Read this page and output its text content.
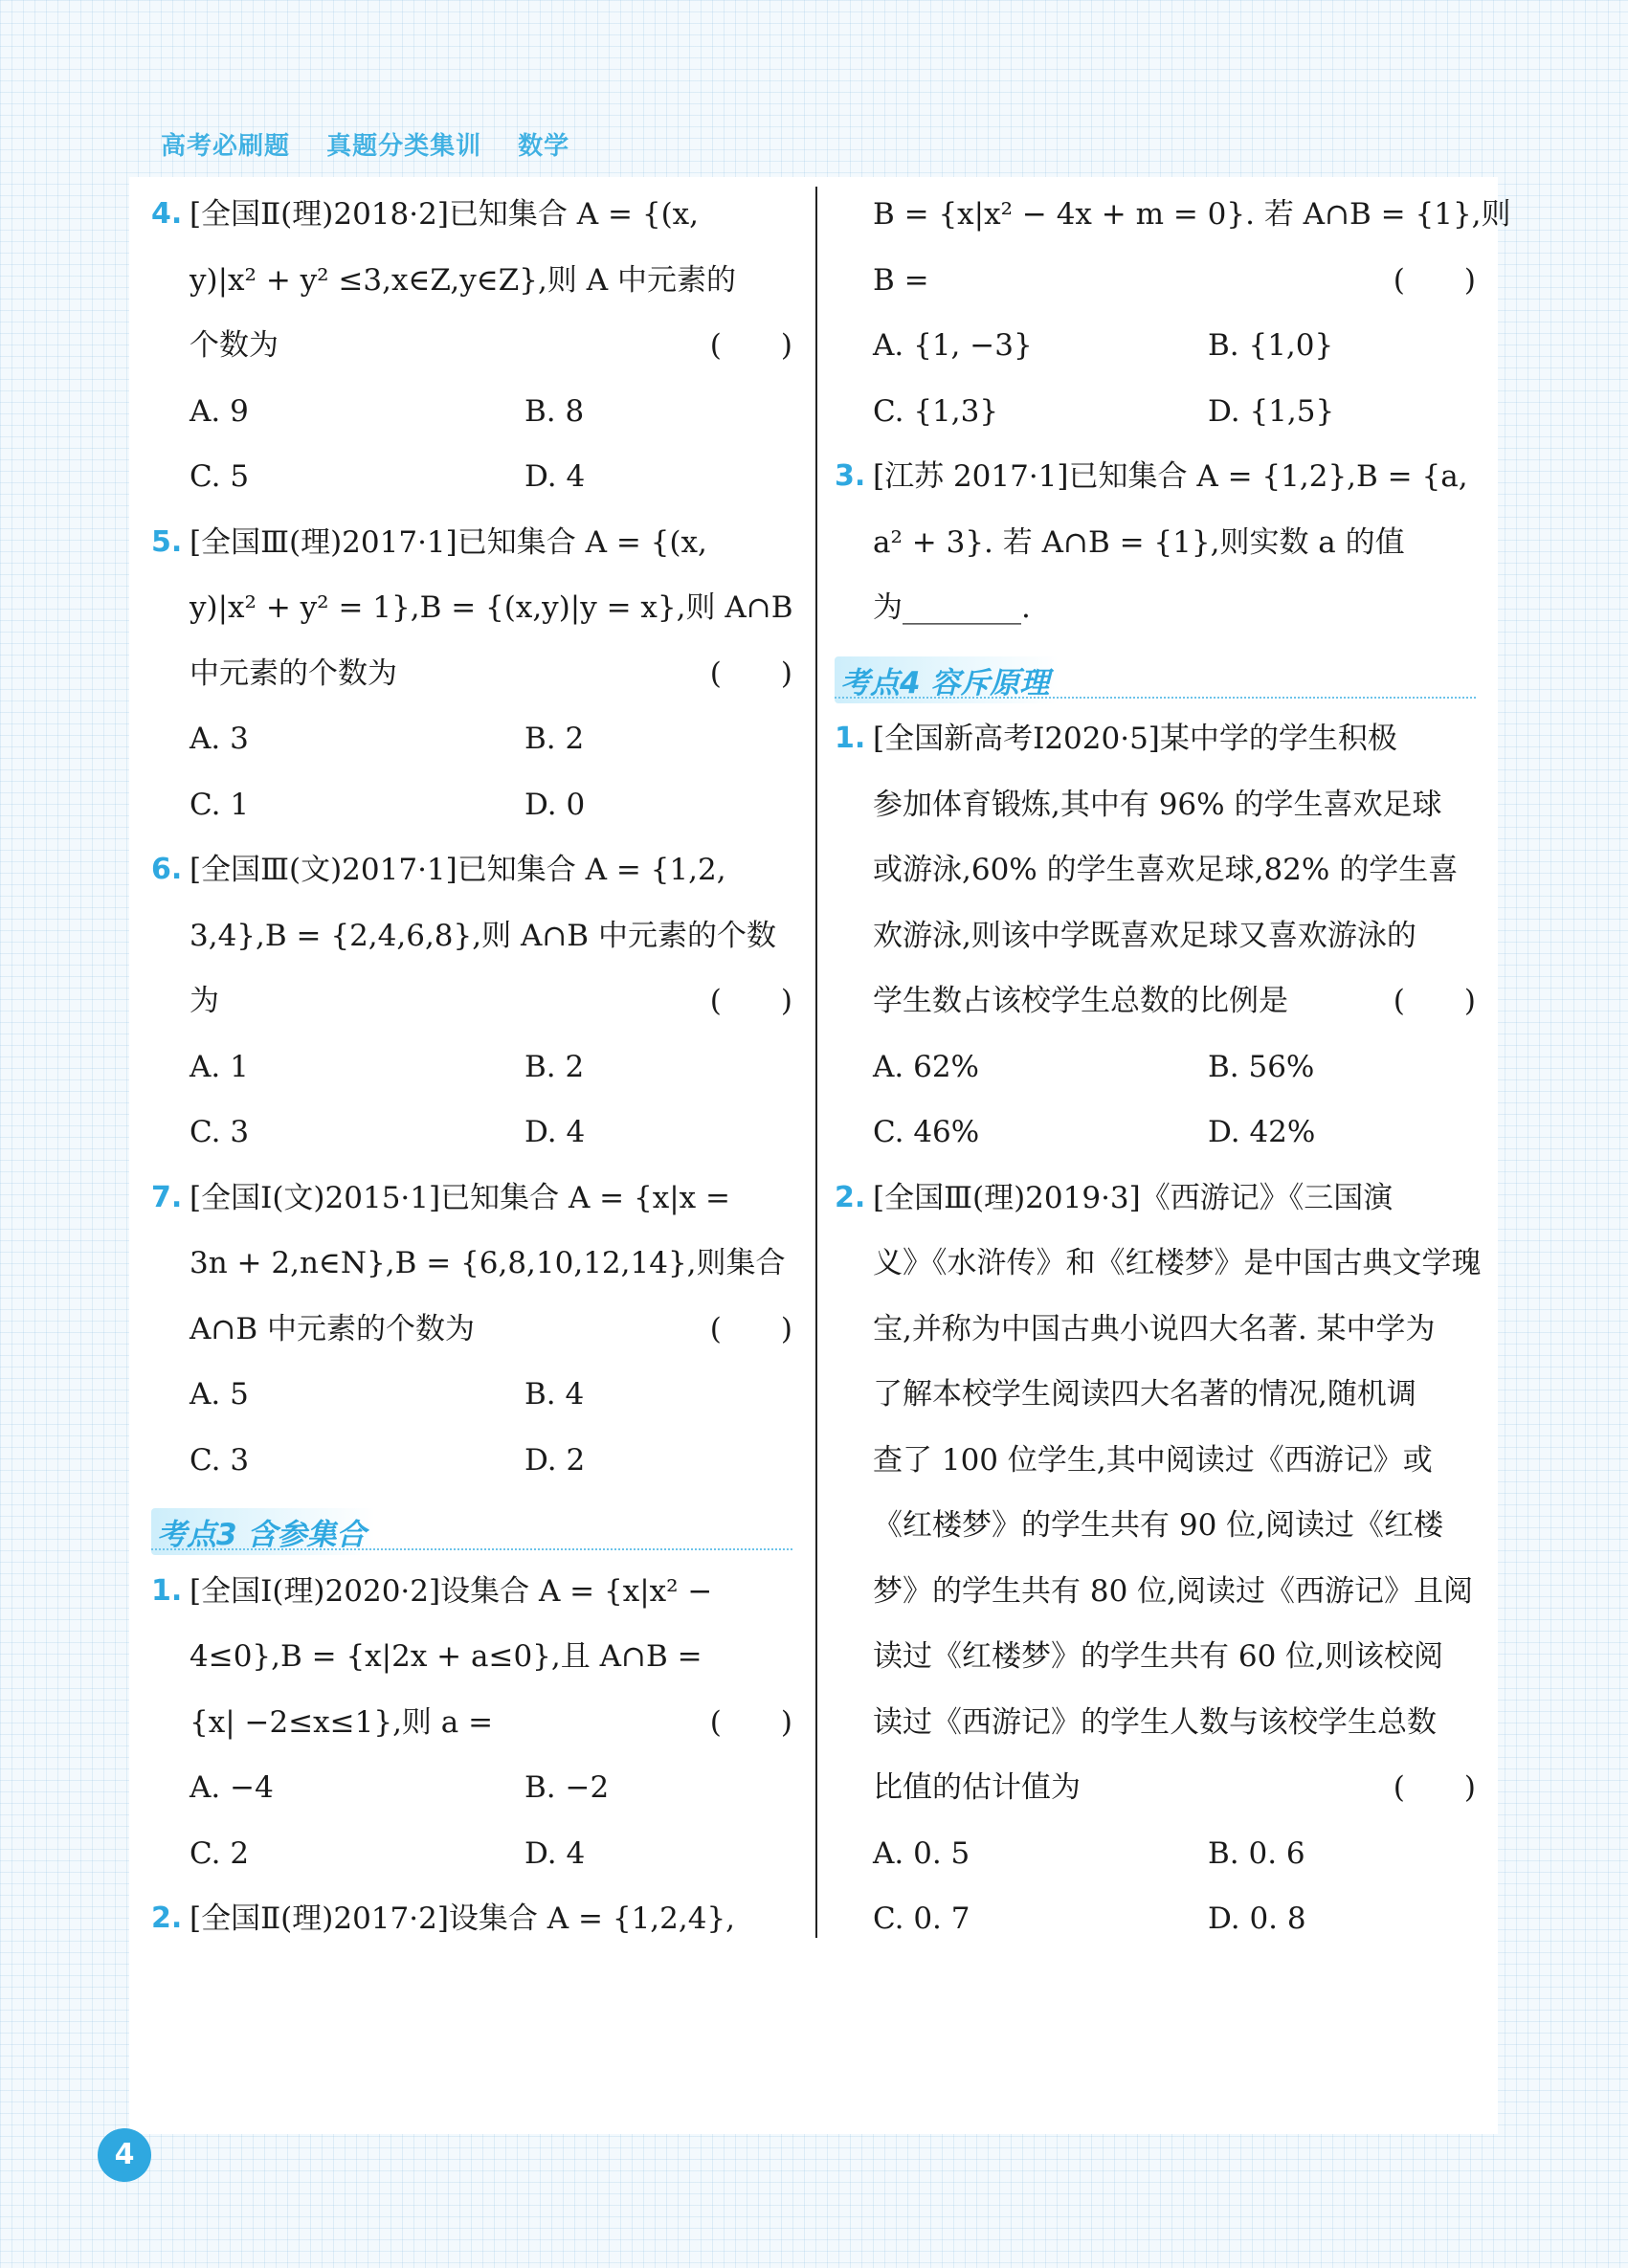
高考必刷题 真题分类集训 数学
4. [全国Ⅱ(理)2018·2]已知集合 A = {(x,
y)|x² + y² ≤3,x∈Z,y∈Z},则 A 中元素的
个数为	(　　)
A. 9	B. 8
C. 5	D. 4
5. [全国Ⅲ(理)2017·1]已知集合 A = {(x,
y)|x² + y² = 1},B = {(x,y)|y = x},则 A∩B
中元素的个数为	(　　)
A. 3	B. 2
C. 1	D. 0
6. [全国Ⅲ(文)2017·1]已知集合 A = {1,2,
3,4},B = {2,4,6,8},则 A∩B 中元素的个数
为	(　　)
A. 1	B. 2
C. 3	D. 4
7. [全国Ⅰ(文)2015·1]已知集合 A = {x|x =
3n + 2,n∈N},B = {6,8,10,12,14},则集合
A∩B 中元素的个数为	(　　)
A. 5	B. 4
C. 3	D. 2
考点3 含参集合
1. [全国Ⅰ(理)2020·2]设集合 A = {x|x² −
4≤0},B = {x|2x + a≤0},且 A∩B =
{x| −2≤x≤1},则 a =	(　　)
A. −4	B. −2
C. 2	D. 4
2. [全国Ⅱ(理)2017·2]设集合 A = {1,2,4},
B = {x|x² − 4x + m = 0}. 若 A∩B = {1},则
B =	(　　)
A. {1, −3}	B. {1,0}
C. {1,3}	D. {1,5}
3. [江苏 2017·1]已知集合 A = {1,2},B = {a,
a² + 3}. 若 A∩B = {1},则实数 a 的值
为________.
考点4 容斥原理
1. [全国新高考Ⅰ2020·5]某中学的学生积极
参加体育锻炼,其中有 96% 的学生喜欢足球
或游泳,60% 的学生喜欢足球,82% 的学生喜
欢游泳,则该中学既喜欢足球又喜欢游泳的
学生数占该校学生总数的比例是	(　　)
A. 62%	B. 56%
C. 46%	D. 42%
2. [全国Ⅲ(理)2019·3]《西游记》《三国演
义》《水浒传》和《红楼梦》是中国古典文学瑰
宝,并称为中国古典小说四大名著. 某中学为
了解本校学生阅读四大名著的情况,随机调
查了 100 位学生,其中阅读过《西游记》或
《红楼梦》的学生共有 90 位,阅读过《红楼
梦》的学生共有 80 位,阅读过《西游记》且阅
读过《红楼梦》的学生共有 60 位,则该校阅
读过《西游记》的学生人数与该校学生总数
比值的估计值为	(　　)
A. 0. 5	B. 0. 6
C. 0. 7	D. 0. 8
4
